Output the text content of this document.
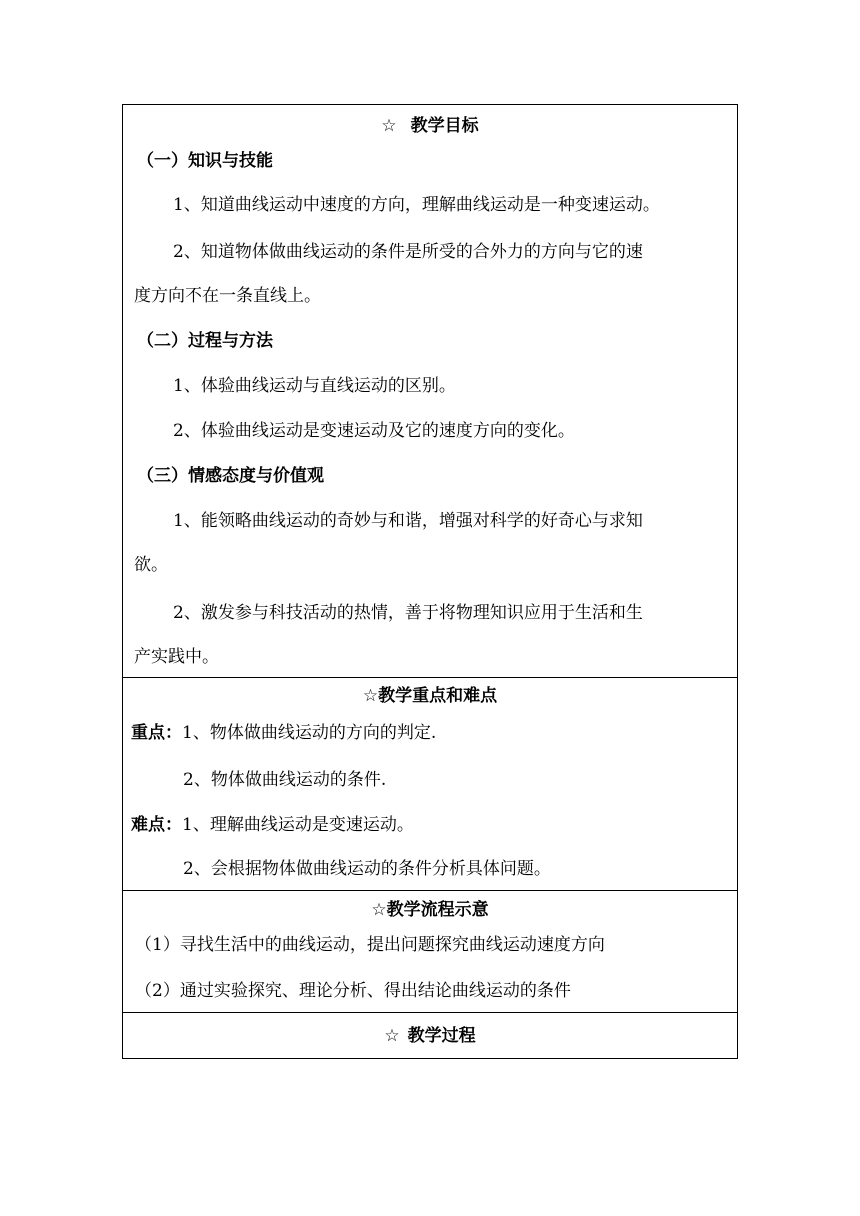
☆ 教学目标
（一）知识与技能
1、知道曲线运动中速度的方向，理解曲线运动是一种变速运动。
2、知道物体做曲线运动的条件是所受的合外力的方向与它的速
度方向不在一条直线上。
（二）过程与方法
1、体验曲线运动与直线运动的区别。
2、体验曲线运动是变速运动及它的速度方向的变化。
（三）情感态度与价值观
1、能领略曲线运动的奇妙与和谐，增强对科学的好奇心与求知
欲。
2、激发参与科技活动的热情，善于将物理知识应用于生活和生
产实践中。
☆教学重点和难点
重点：1、物体做曲线运动的方向的判定.
2、物体做曲线运动的条件.
难点：1、理解曲线运动是变速运动。
2、会根据物体做曲线运动的条件分析具体问题。
☆教学流程示意
（1）寻找生活中的曲线运动，提出问题探究曲线运动速度方向
（2）通过实验探究、理论分析、得出结论曲线运动的条件
☆ 教学过程
